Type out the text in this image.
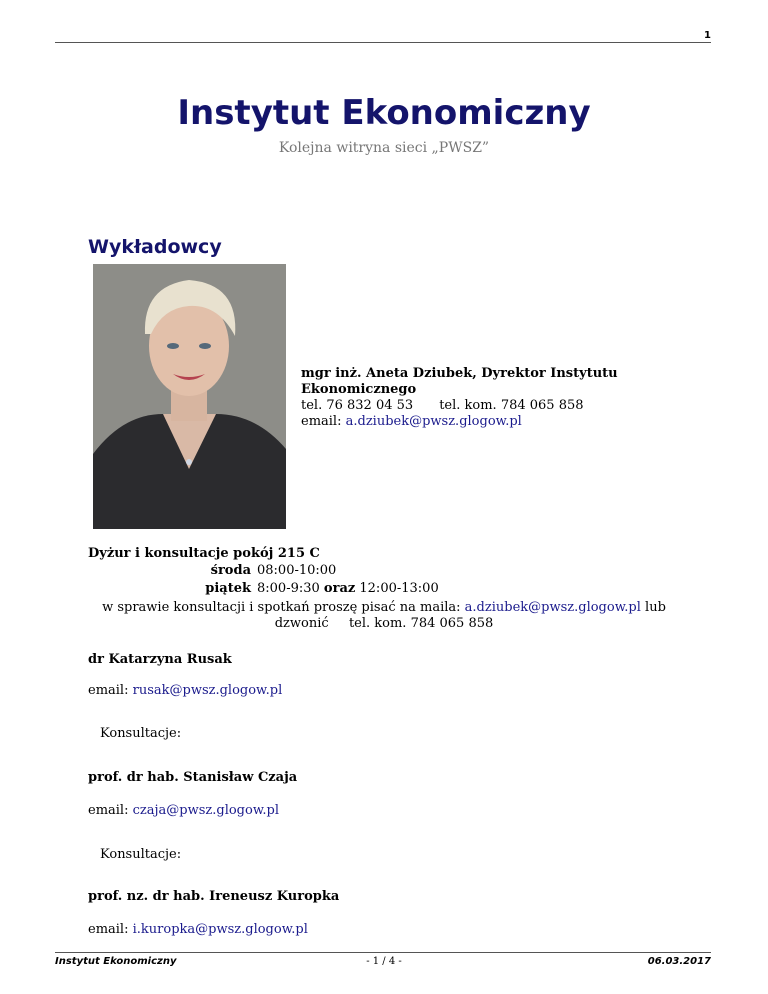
1
Instytut Ekonomiczny
Kolejna witryna sieci „PWSZ”
Wykładowcy
mgr inż. Aneta Dziubek, Dyrektor Instytutu Ekonomicznego
tel. 76 832 04 53 tel. kom. 784 065 858
email: a.dziubek@pwsz.glogow.pl
Dyżur i konsultacje pokój 215 C
środa 08:00-10:00
piątek 8:00-9:30 oraz 12:00-13:00
w sprawie konsultacji i spotkań proszę pisać na maila: a.dziubek@pwsz.glogow.pl lub
dzwonić tel. kom. 784 065 858
dr Katarzyna Rusak
email: rusak@pwsz.glogow.pl
Konsultacje:
prof. dr hab. Stanisław Czaja
email: czaja@pwsz.glogow.pl
Konsultacje:
prof. nz. dr hab. Ireneusz Kuropka
email: i.kuropka@pwsz.glogow.pl
Instytut Ekonomiczny	- 1 / 4 -	06.03.2017
